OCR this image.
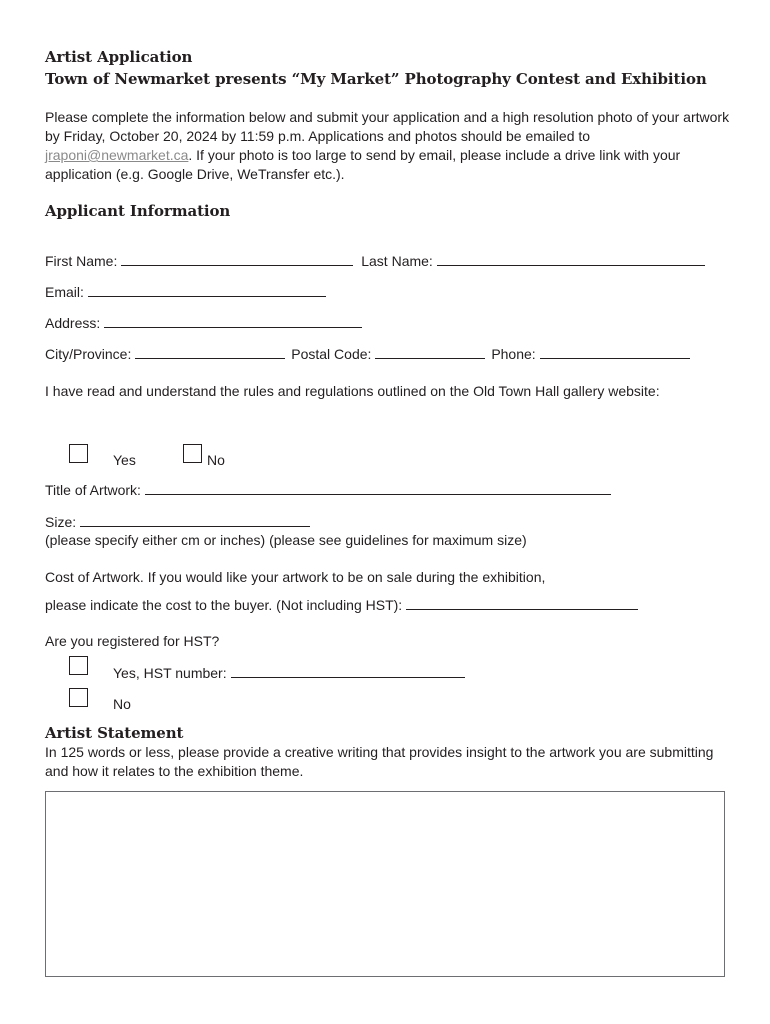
Artist Application
Town of Newmarket presents “My Market” Photography Contest and Exhibition
Please complete the information below and submit your application and a high resolution photo of your artwork by Friday, October 20, 2024 by 11:59 p.m. Applications and photos should be emailed to jraponi@newmarket.ca. If your photo is too large to send by email, please include a drive link with your application (e.g. Google Drive, WeTransfer etc.).
Applicant Information
First Name:	Last Name:
Email:
Address:
City/Province:	Postal Code:	Phone:
I have read and understand the rules and regulations outlined on the Old Town Hall gallery website:
Yes	No
Title of Artwork:
Size:
(please specify either cm or inches) (please see guidelines for maximum size)
Cost of Artwork. If you would like your artwork to be on sale during the exhibition,
please indicate the cost to the buyer. (Not including HST):
Are you registered for HST?
Yes, HST number:
No
Artist Statement
In 125 words or less, please provide a creative writing that provides insight to the artwork you are submitting and how it relates to the exhibition theme.
